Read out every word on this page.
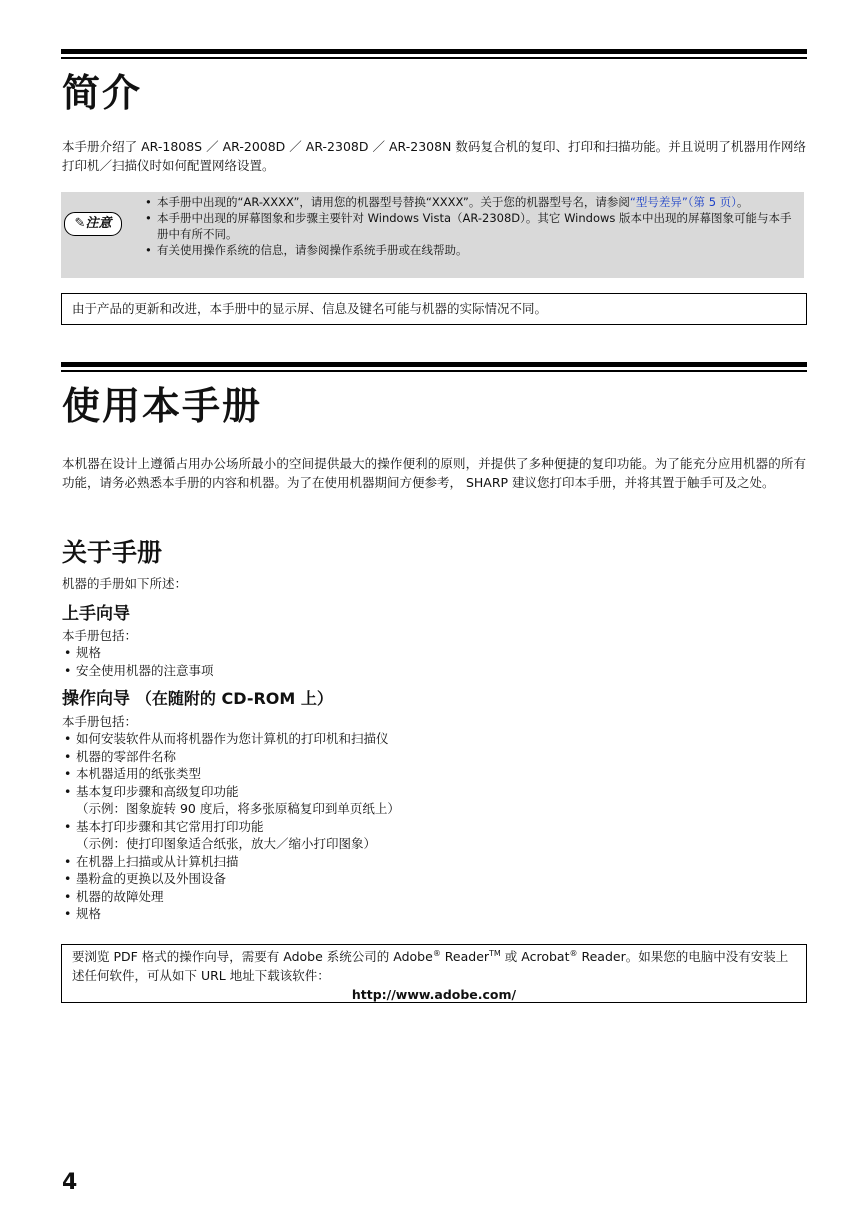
简介

本手册介绍了 AR-1808S ／ AR-2008D ／ AR-2308D ／ AR-2308N 数码复合机的复印、打印和扫描功能。并且说明了机器用作网络打印机／扫描仪时如何配置网络设置。

✎注意
• 本手册中出现的“AR-XXXX”，请用您的机器型号替换“XXXX”。关于您的机器型号名，请参阅“型号差异”（第 5 页）。
• 本手册中出现的屏幕图象和步骤主要针对 Windows Vista（AR-2308D）。其它 Windows 版本中出现的屏幕图象可能与本手册中有所不同。
• 有关使用操作系统的信息，请参阅操作系统手册或在线帮助。
由于产品的更新和改进，本手册中的显示屏、信息及键名可能与机器的实际情况不同。
使用本手册

本机器在设计上遵循占用办公场所最小的空间提供最大的操作便利的原则，并提供了多种便捷的复印功能。为了能充分应用机器的所有功能，请务必熟悉本手册的内容和机器。为了在使用机器期间方便参考， SHARP 建议您打印本手册，并将其置于触手可及之处。

关于手册

机器的手册如下所述：

上手向导

本手册包括：

• 规格
• 安全使用机器的注意事项
操作向导 （在随附的 CD-ROM 上）

本手册包括：

• 如何安装软件从而将机器作为您计算机的打印机和扫描仪
• 机器的零部件名称
• 本机器适用的纸张类型
• 基本复印步骤和高级复印功能
（示例：图象旋转 90 度后，将多张原稿复印到单页纸上）
• 基本打印步骤和其它常用打印功能
（示例：使打印图象适合纸张，放大／缩小打印图象）
• 在机器上扫描或从计算机扫描
• 墨粉盒的更换以及外围设备
• 机器的故障处理
• 规格
要浏览 PDF 格式的操作向导，需要有 Adobe 系统公司的 Adobe® Reader™ 或 Acrobat® Reader。如果您的电脑中没有安装上述任何软件，可从如下 URL 地址下载该软件：
http://www.adobe.com/

4
